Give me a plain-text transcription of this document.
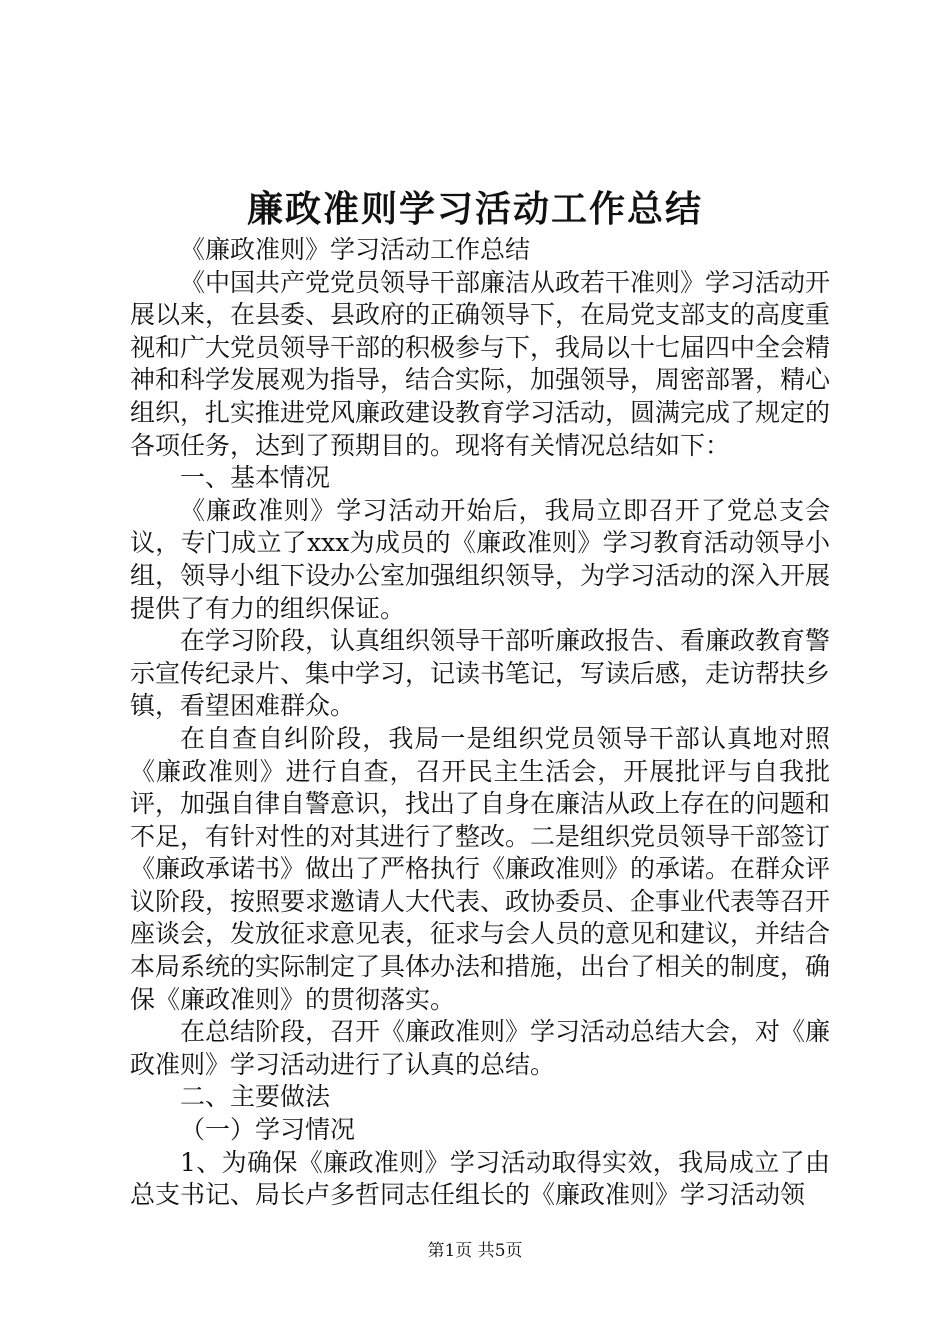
廉政准则学习活动工作总结

《廉政准则》学习活动工作总结

《中国共产党党员领导干部廉洁从政若干准则》学习活动开展以来，在县委、县政府的正确领导下，在局党支部支的高度重视和广大党员领导干部的积极参与下，我局以十七届四中全会精神和科学发展观为指导，结合实际，加强领导，周密部署，精心组织，扎实推进党风廉政建设教育学习活动，圆满完成了规定的各项任务，达到了预期目的。现将有关情况总结如下：

一、基本情况

《廉政准则》学习活动开始后，我局立即召开了党总支会议，专门成立了xxx为成员的《廉政准则》学习教育活动领导小组，领导小组下设办公室加强组织领导，为学习活动的深入开展提供了有力的组织保证。

在学习阶段，认真组织领导干部听廉政报告、看廉政教育警示宣传纪录片、集中学习，记读书笔记，写读后感，走访帮扶乡镇，看望困难群众。

在自查自纠阶段，我局一是组织党员领导干部认真地对照《廉政准则》进行自查，召开民主生活会，开展批评与自我批评，加强自律自警意识，找出了自身在廉洁从政上存在的问题和不足，有针对性的对其进行了整改。二是组织党员领导干部签订《廉政承诺书》做出了严格执行《廉政准则》的承诺。在群众评议阶段，按照要求邀请人大代表、政协委员、企事业代表等召开座谈会，发放征求意见表，征求与会人员的意见和建议，并结合本局系统的实际制定了具体办法和措施，出台了相关的制度，确保《廉政准则》的贯彻落实。

在总结阶段，召开《廉政准则》学习活动总结大会，对《廉政准则》学习活动进行了认真的总结。

二、主要做法

（一）学习情况

1、为确保《廉政准则》学习活动取得实效，我局成立了由总支书记、局长卢多哲同志任组长的《廉政准则》学习活动领

第1页 共5页
